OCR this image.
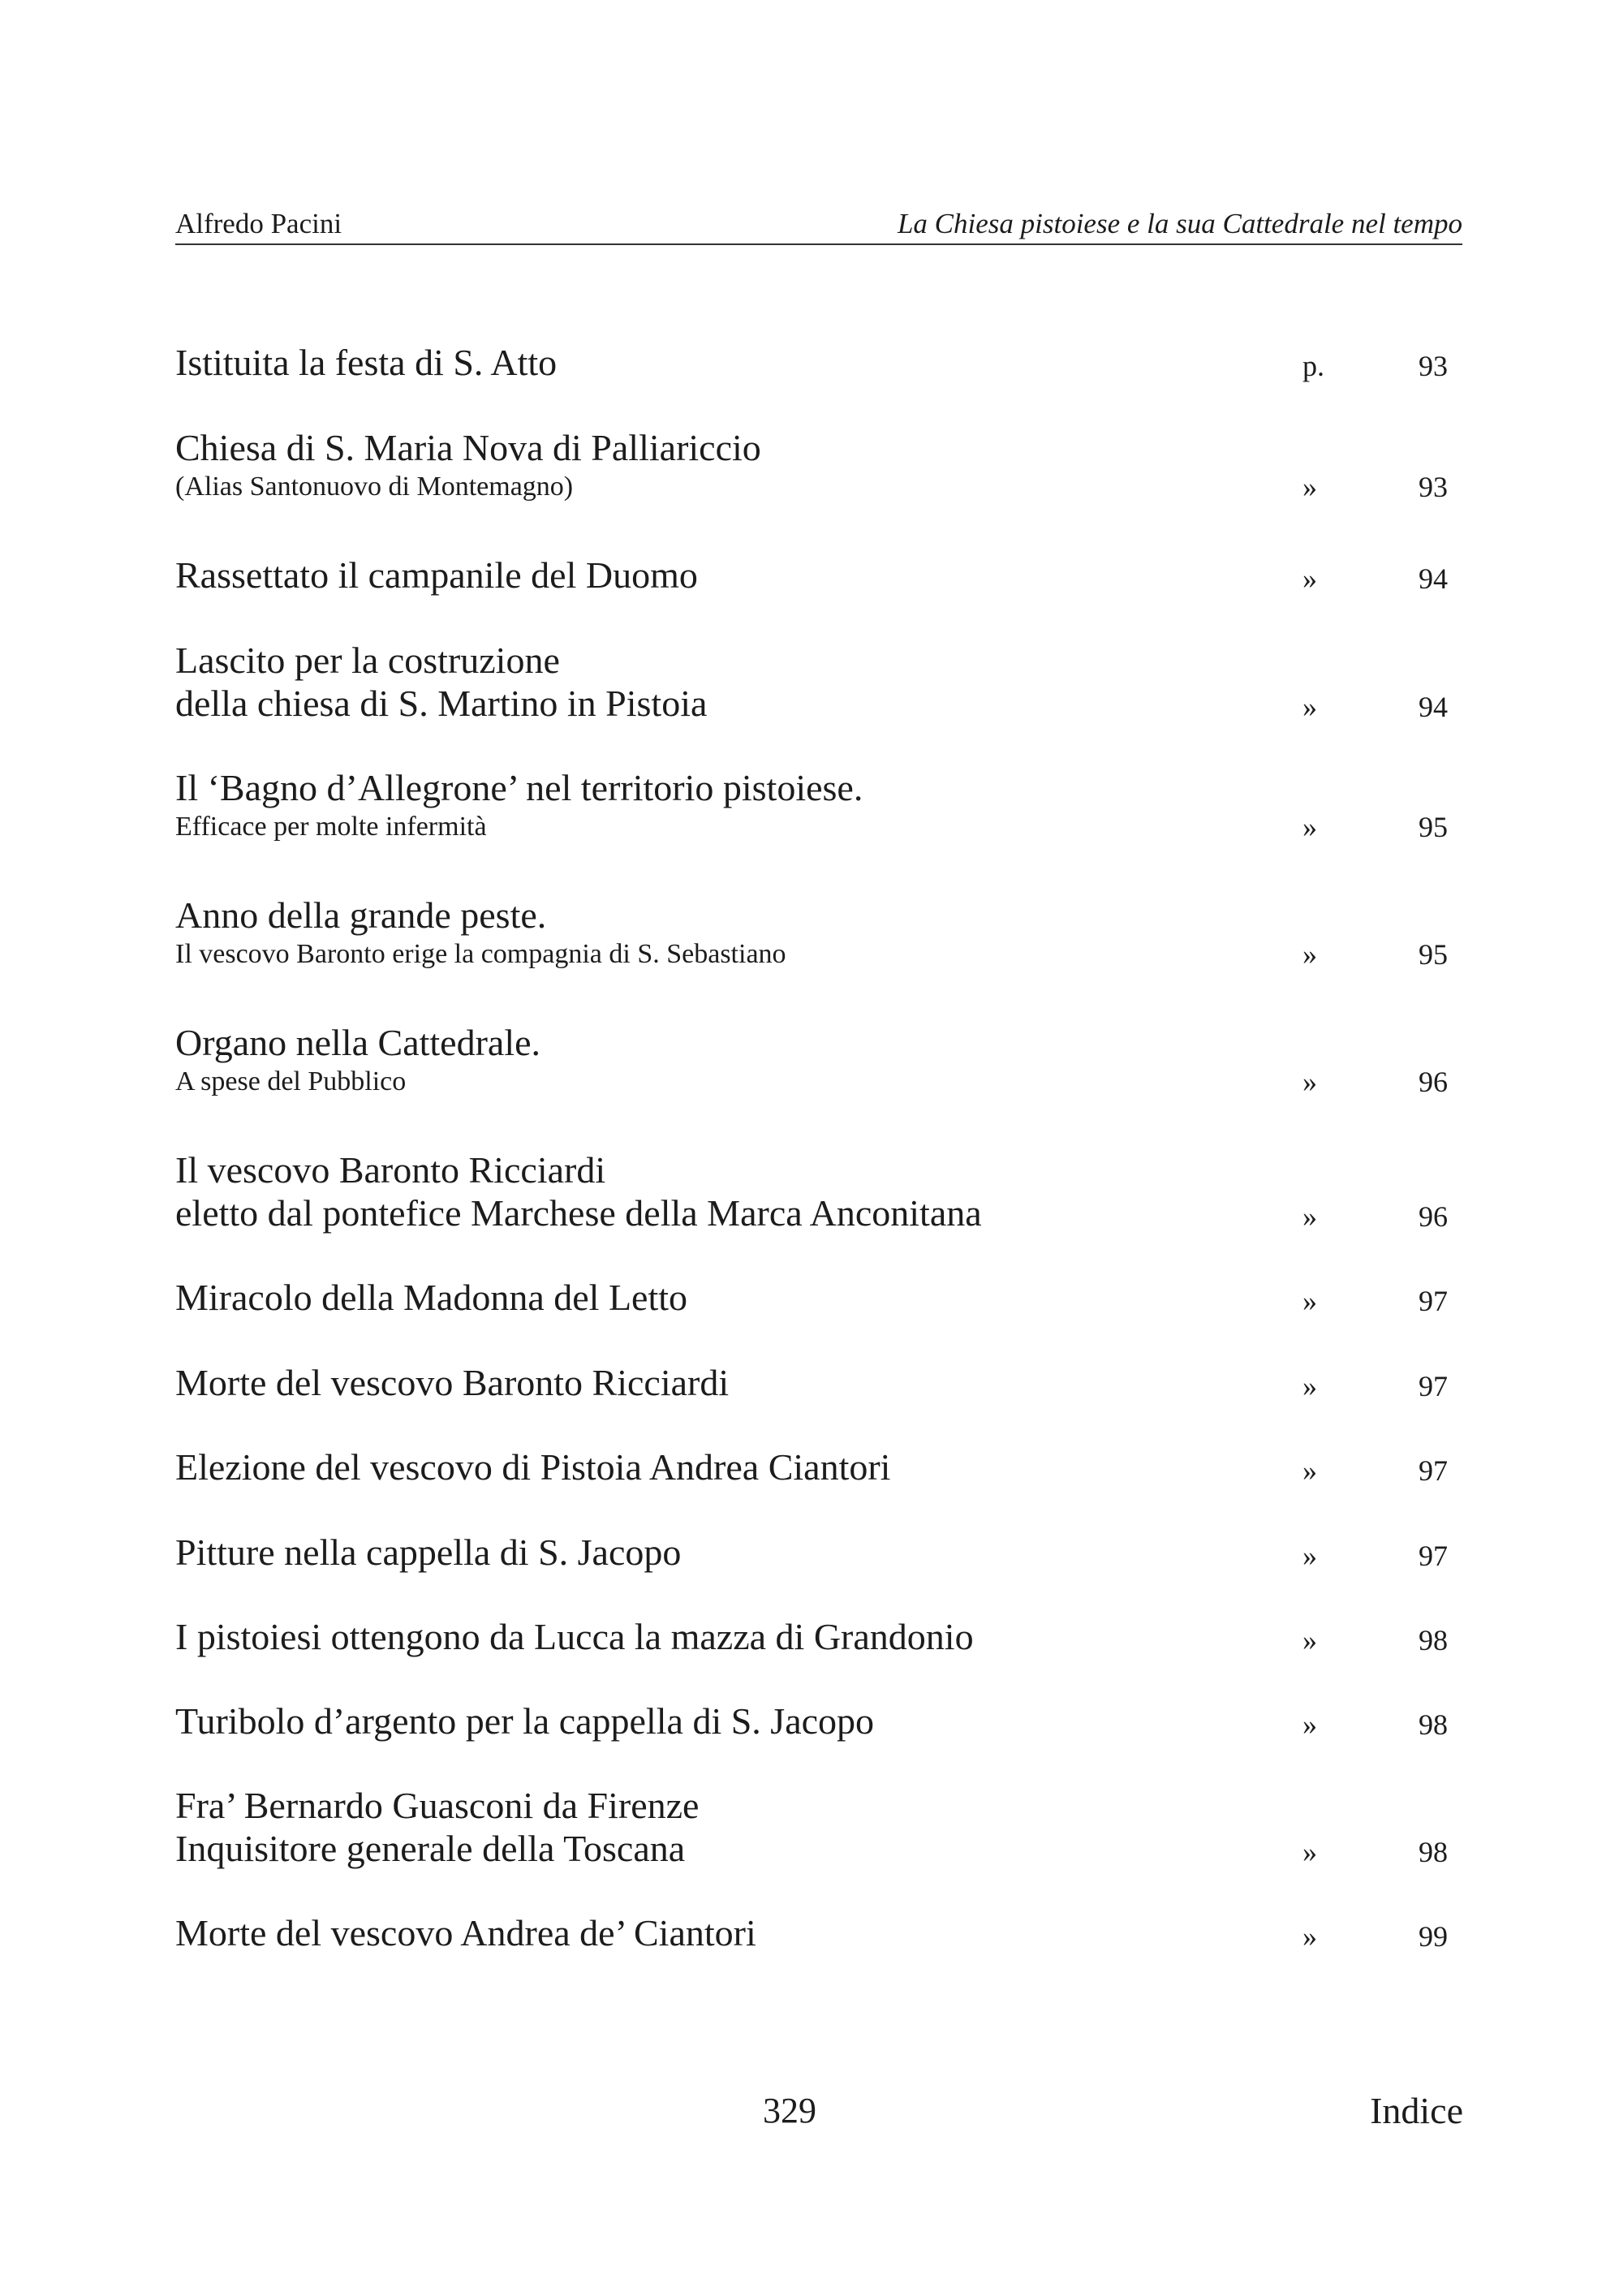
Alfredo Pacini	La Chiesa pistoiese e la sua Cattedrale nel tempo
Istituita la festa di S. Atto	p.	93
Chiesa di S. Maria Nova di Palliariccio
(Alias Santonuovo di Montemagno)	»	93
Rassettato il campanile del Duomo	»	94
Lascito per la costruzione
della chiesa di S. Martino in Pistoia	»	94
Il ‘Bagno d’Allegrone’ nel territorio pistoiese.
Efficace per molte infermità	»	95
Anno della grande peste.
Il vescovo Baronto erige la compagnia di S. Sebastiano	»	95
Organo nella Cattedrale.
A spese del Pubblico	»	96
Il vescovo Baronto Ricciardi
eletto dal pontefice Marchese della Marca Anconitana	»	96
Miracolo della Madonna del Letto	»	97
Morte del vescovo Baronto Ricciardi	»	97
Elezione del vescovo di Pistoia Andrea Ciantori	»	97
Pitture nella cappella di S. Jacopo	»	97
I pistoiesi ottengono da Lucca la mazza di Grandonio	»	98
Turibolo d’argento per la cappella di S. Jacopo	»	98
Fra’ Bernardo Guasconi da Firenze
Inquisitore generale della Toscana	»	98
Morte del vescovo Andrea de’ Ciantori	»	99
329	Indice
